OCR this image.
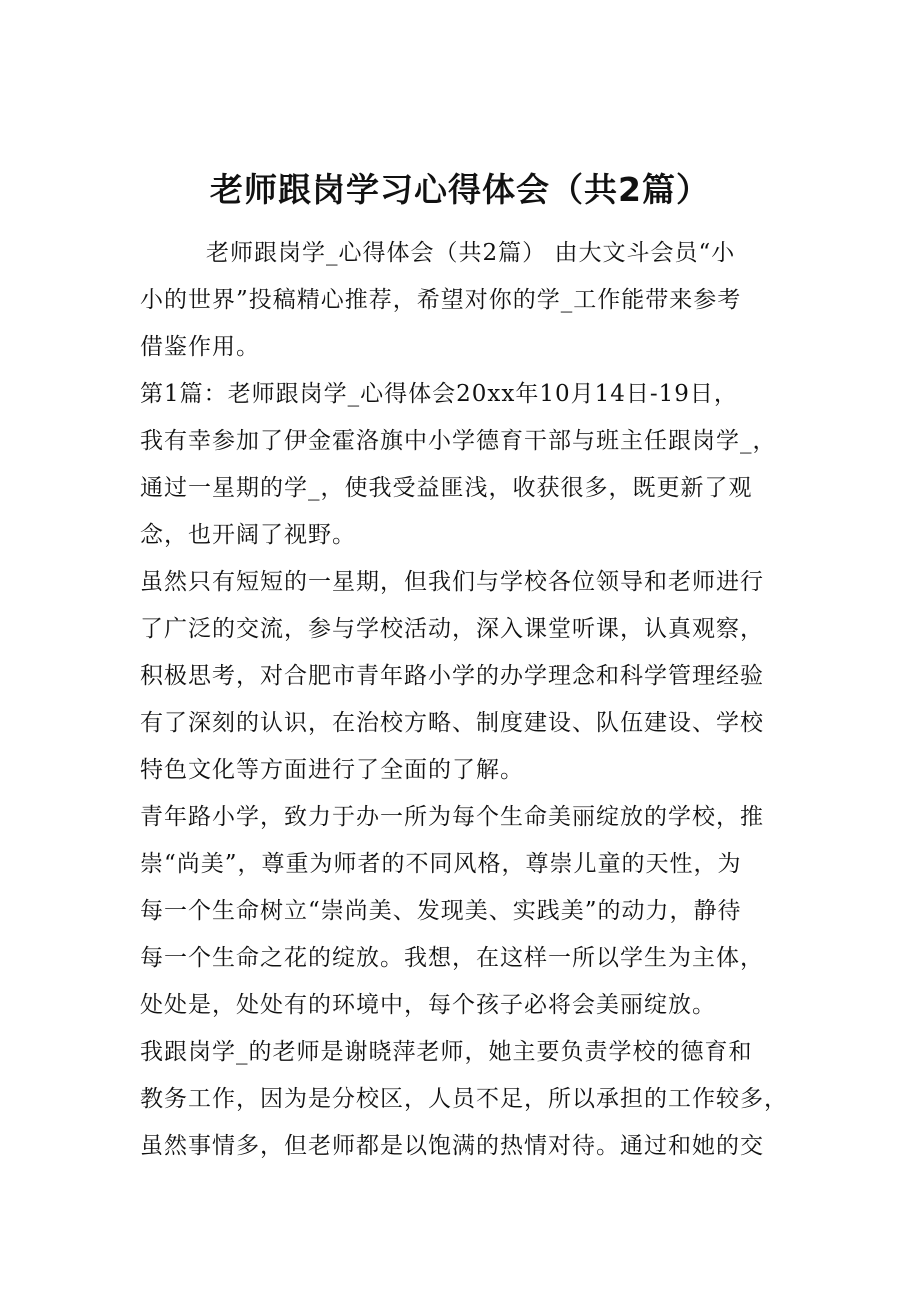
老师跟岗学习心得体会（共2篇）

老师跟岗学_心得体会（共2篇） 由大文斗会员“小
小的世界”投稿精心推荐，希望对你的学_工作能带来参考
借鉴作用。

第1篇：老师跟岗学_心得体会20xx年10月14日-19日，
我有幸参加了伊金霍洛旗中小学德育干部与班主任跟岗学_，
通过一星期的学_，使我受益匪浅，收获很多，既更新了观
念，也开阔了视野。

虽然只有短短的一星期，但我们与学校各位领导和老师进行
了广泛的交流，参与学校活动，深入课堂听课，认真观察，
积极思考，对合肥市青年路小学的办学理念和科学管理经验
有了深刻的认识，在治校方略、制度建设、队伍建设、学校
特色文化等方面进行了全面的了解。

青年路小学，致力于办一所为每个生命美丽绽放的学校，推
崇“尚美”，尊重为师者的不同风格，尊崇儿童的天性，为
每一个生命树立“崇尚美、发现美、实践美”的动力，静待
每一个生命之花的绽放。我想，在这样一所以学生为主体，
处处是，处处有的环境中，每个孩子必将会美丽绽放。

我跟岗学_的老师是谢晓萍老师，她主要负责学校的德育和
教务工作，因为是分校区，人员不足，所以承担的工作较多，
虽然事情多，但老师都是以饱满的热情对待。通过和她的交
